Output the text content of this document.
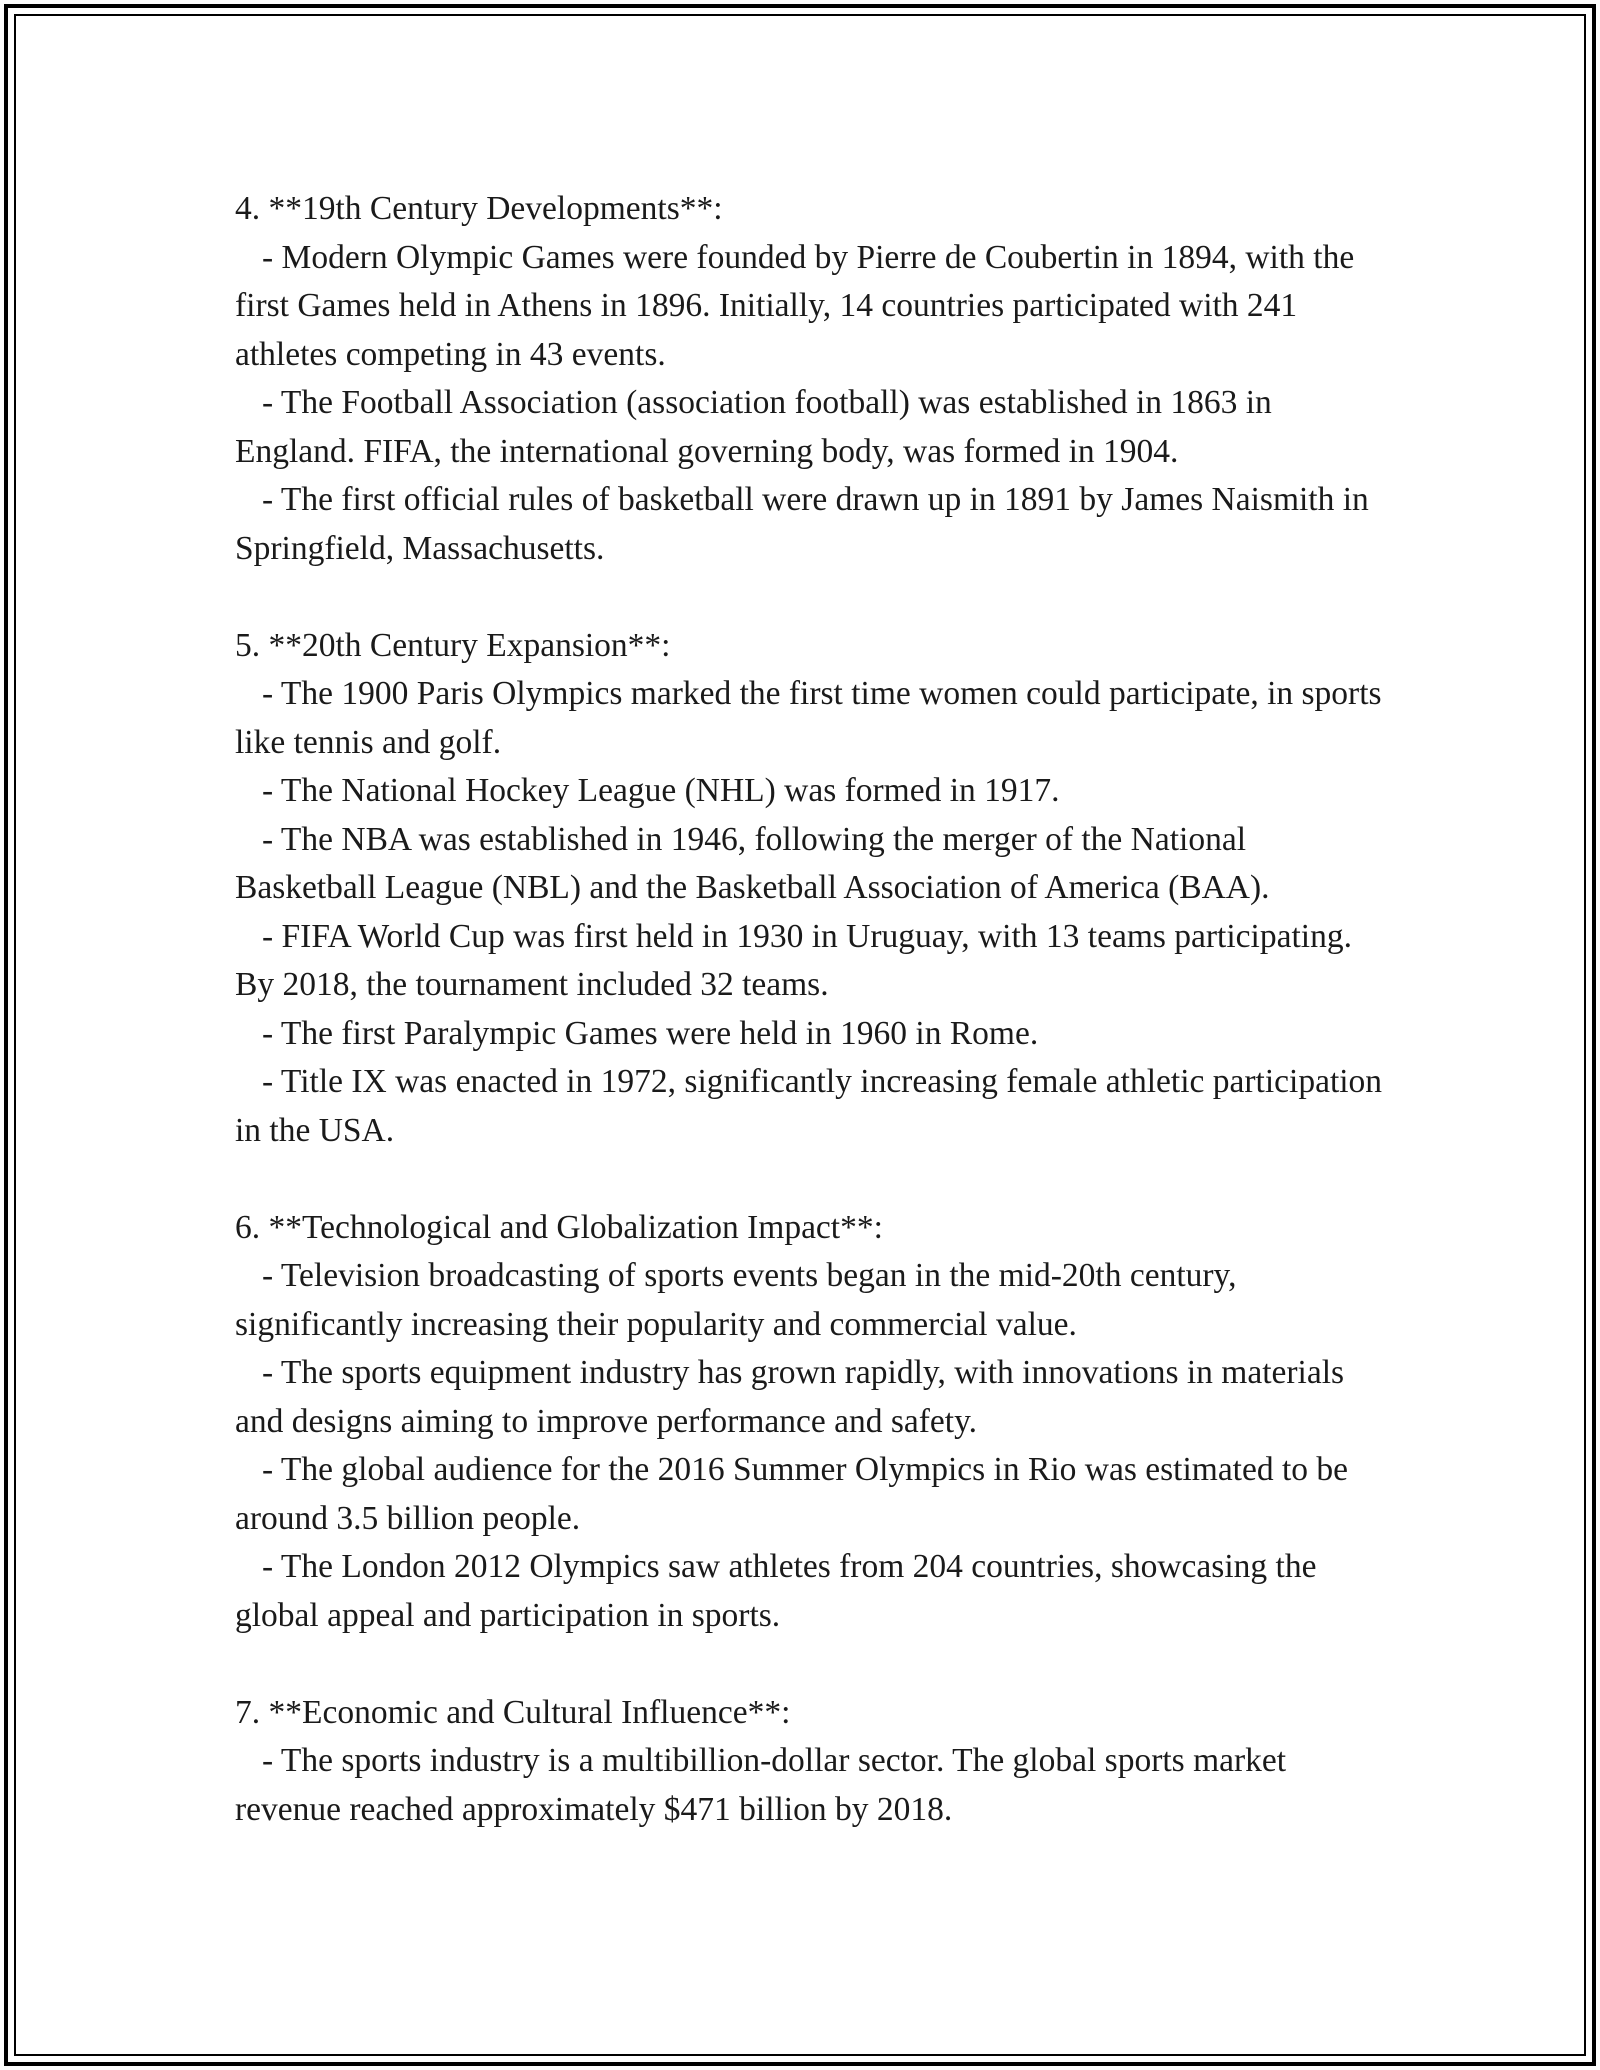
4. **19th Century Developments**:

- Modern Olympic Games were founded by Pierre de Coubertin in 1894, with the first Games held in Athens in 1896. Initially, 14 countries participated with 241 athletes competing in 43 events.

- The Football Association (association football) was established in 1863 in England. FIFA, the international governing body, was formed in 1904.

- The first official rules of basketball were drawn up in 1891 by James Naismith in Springfield, Massachusetts.

5. **20th Century Expansion**:

- The 1900 Paris Olympics marked the first time women could participate, in sports like tennis and golf.

- The National Hockey League (NHL) was formed in 1917.

- The NBA was established in 1946, following the merger of the National Basketball League (NBL) and the Basketball Association of America (BAA).

- FIFA World Cup was first held in 1930 in Uruguay, with 13 teams participating. By 2018, the tournament included 32 teams.

- The first Paralympic Games were held in 1960 in Rome.

- Title IX was enacted in 1972, significantly increasing female athletic participation in the USA.

6. **Technological and Globalization Impact**:

- Television broadcasting of sports events began in the mid-20th century, significantly increasing their popularity and commercial value.

- The sports equipment industry has grown rapidly, with innovations in materials and designs aiming to improve performance and safety.

- The global audience for the 2016 Summer Olympics in Rio was estimated to be around 3.5 billion people.

- The London 2012 Olympics saw athletes from 204 countries, showcasing the global appeal and participation in sports.

7. **Economic and Cultural Influence**:

- The sports industry is a multibillion-dollar sector. The global sports market revenue reached approximately $471 billion by 2018.
